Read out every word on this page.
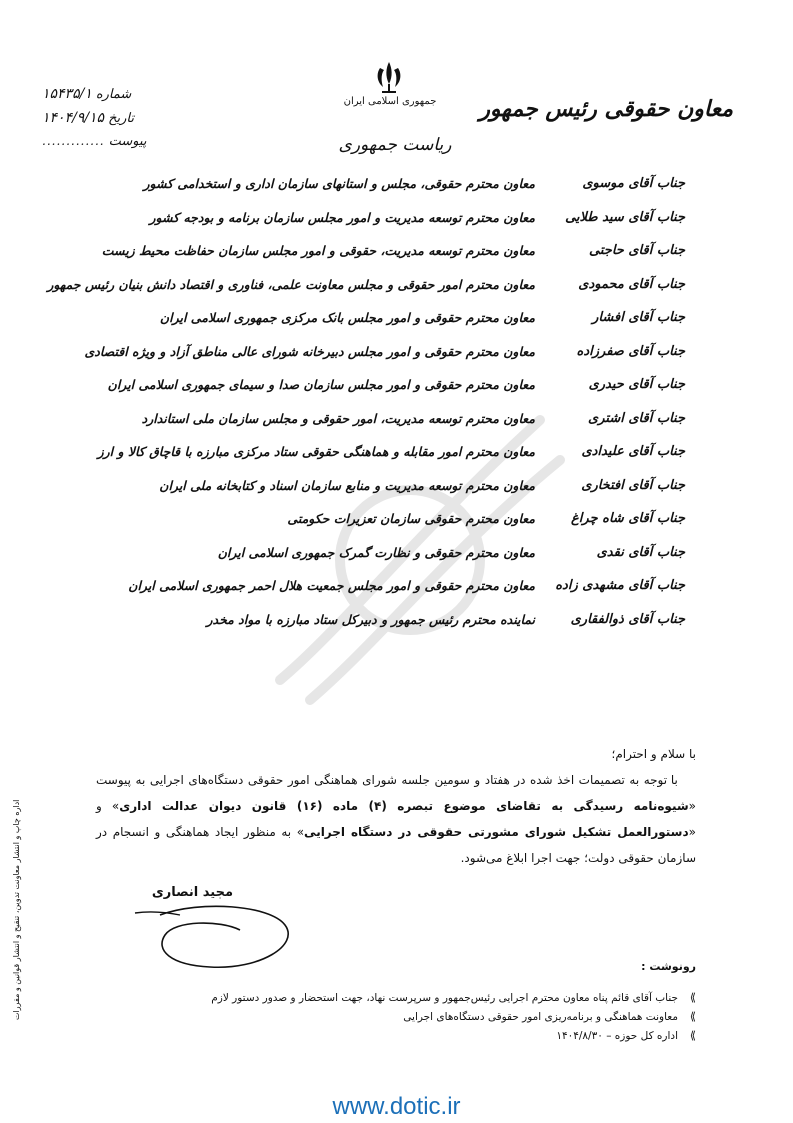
جمهوری اسلامی ایران	معاون حقوقی رئیس جمهور
ریاست جمهوری
شماره
۱۵۴۳۵/۱
تاریخ
۱۴۰۴/۹/۱۵
پیوست
.............
جناب آقای موسوی
معاون محترم حقوقی، مجلس و استانهای سازمان اداری و استخدامی کشور
جناب آقای سید طلایی
معاون محترم توسعه مدیریت و امور مجلس سازمان برنامه و بودجه کشور
جناب آقای حاجتی
معاون محترم توسعه مدیریت، حقوقی و امور مجلس سازمان حفاظت محیط زیست
جناب آقای محمودی
معاون محترم امور حقوقی و مجلس معاونت علمی، فناوری و اقتصاد دانش بنیان رئیس جمهور
جناب آقای افشار
معاون محترم حقوقی و امور مجلس بانک مرکزی جمهوری اسلامی ایران
جناب آقای صفرزاده
معاون محترم حقوقی و امور مجلس دبیرخانه شورای عالی مناطق آزاد و ویژه اقتصادی
جناب آقای حیدری
معاون محترم حقوقی و امور مجلس سازمان صدا و سیمای جمهوری اسلامی ایران
جناب آقای اشتری
معاون محترم توسعه مدیریت، امور حقوقی و مجلس سازمان ملی استاندارد
جناب آقای علیدادی
معاون محترم امور مقابله و هماهنگی حقوقی ستاد مرکزی مبارزه با قاچاق کالا و ارز
جناب آقای افتخاری
معاون محترم توسعه مدیریت و منابع سازمان اسناد و کتابخانه ملی ایران
جناب آقای شاه چراغ
معاون محترم حقوقی سازمان تعزیرات حکومتی
جناب آقای نقدی
معاون محترم حقوقی و نظارت گمرک جمهوری اسلامی ایران
جناب آقای مشهدی زاده
معاون محترم حقوقی و امور مجلس جمعیت هلال احمر جمهوری اسلامی ایران
جناب آقای ذوالفقاری
نماینده محترم رئیس جمهور و دبیرکل ستاد مبارزه با مواد مخدر

با سلام و احترام؛

با توجه به تصمیمات اخذ شده در هفتاد و سومین جلسه شورای هماهنگی امور حقوقی دستگاه‌های اجرایی به پیوست «شیوه‌نامه رسیدگی به تقاضای موضوع تبصره (۴) ماده (۱۶) قانون دیوان عدالت اداری» و «دستورالعمل تشکیل شورای مشورتی حقوقی در دستگاه اجرایی» به منظور ایجاد هماهنگی و انسجام در سازمان حقوقی دولت؛ جهت اجرا ابلاغ می‌شود.

مجید انصاری
رونوشت :
⟫
جناب آقای قائم پناه معاون محترم اجرایی رئیس‌جمهور و سرپرست نهاد، جهت استحضار و صدور دستور لازم
⟫
معاونت هماهنگی و برنامه‌ریزی امور حقوقی دستگاه‌های اجرایی
⟫
اداره کل حوزه – ۱۴۰۴/۸/۳۰
اداره چاپ و انتشار معاونت تدوین، تنقیح و انتشار قوانین و مقررات
www.dotic.ir
